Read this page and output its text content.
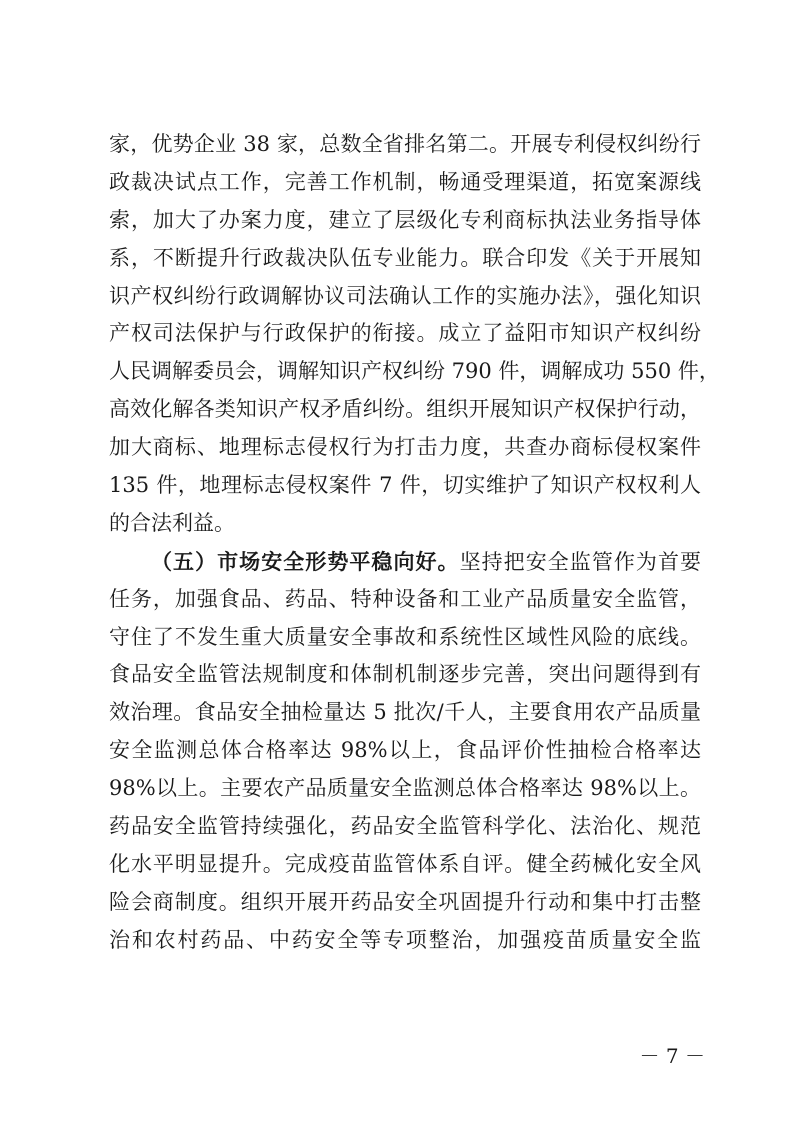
家，优势企业 38 家，总数全省排名第二。开展专利侵权纠纷行
政裁决试点工作，完善工作机制，畅通受理渠道，拓宽案源线
索，加大了办案力度，建立了层级化专利商标执法业务指导体
系，不断提升行政裁决队伍专业能力。联合印发《关于开展知
识产权纠纷行政调解协议司法确认工作的实施办法》，强化知识
产权司法保护与行政保护的衔接。成立了益阳市知识产权纠纷
人民调解委员会，调解知识产权纠纷 790 件，调解成功 550 件，
高效化解各类知识产权矛盾纠纷。组织开展知识产权保护行动，
加大商标、地理标志侵权行为打击力度，共查办商标侵权案件
135 件，地理标志侵权案件 7 件，切实维护了知识产权权利人
的合法利益。
（五）市场安全形势平稳向好。坚持把安全监管作为首要
任务，加强食品、药品、特种设备和工业产品质量安全监管，
守住了不发生重大质量安全事故和系统性区域性风险的底线。
食品安全监管法规制度和体制机制逐步完善，突出问题得到有
效治理。食品安全抽检量达 5 批次/千人，主要食用农产品质量
安全监测总体合格率达 98%以上，食品评价性抽检合格率达
98%以上。主要农产品质量安全监测总体合格率达 98%以上。
药品安全监管持续强化，药品安全监管科学化、法治化、规范
化水平明显提升。完成疫苗监管体系自评。健全药械化安全风
险会商制度。组织开展开药品安全巩固提升行动和集中打击整
治和农村药品、中药安全等专项整治，加强疫苗质量安全监
－ 7 －
